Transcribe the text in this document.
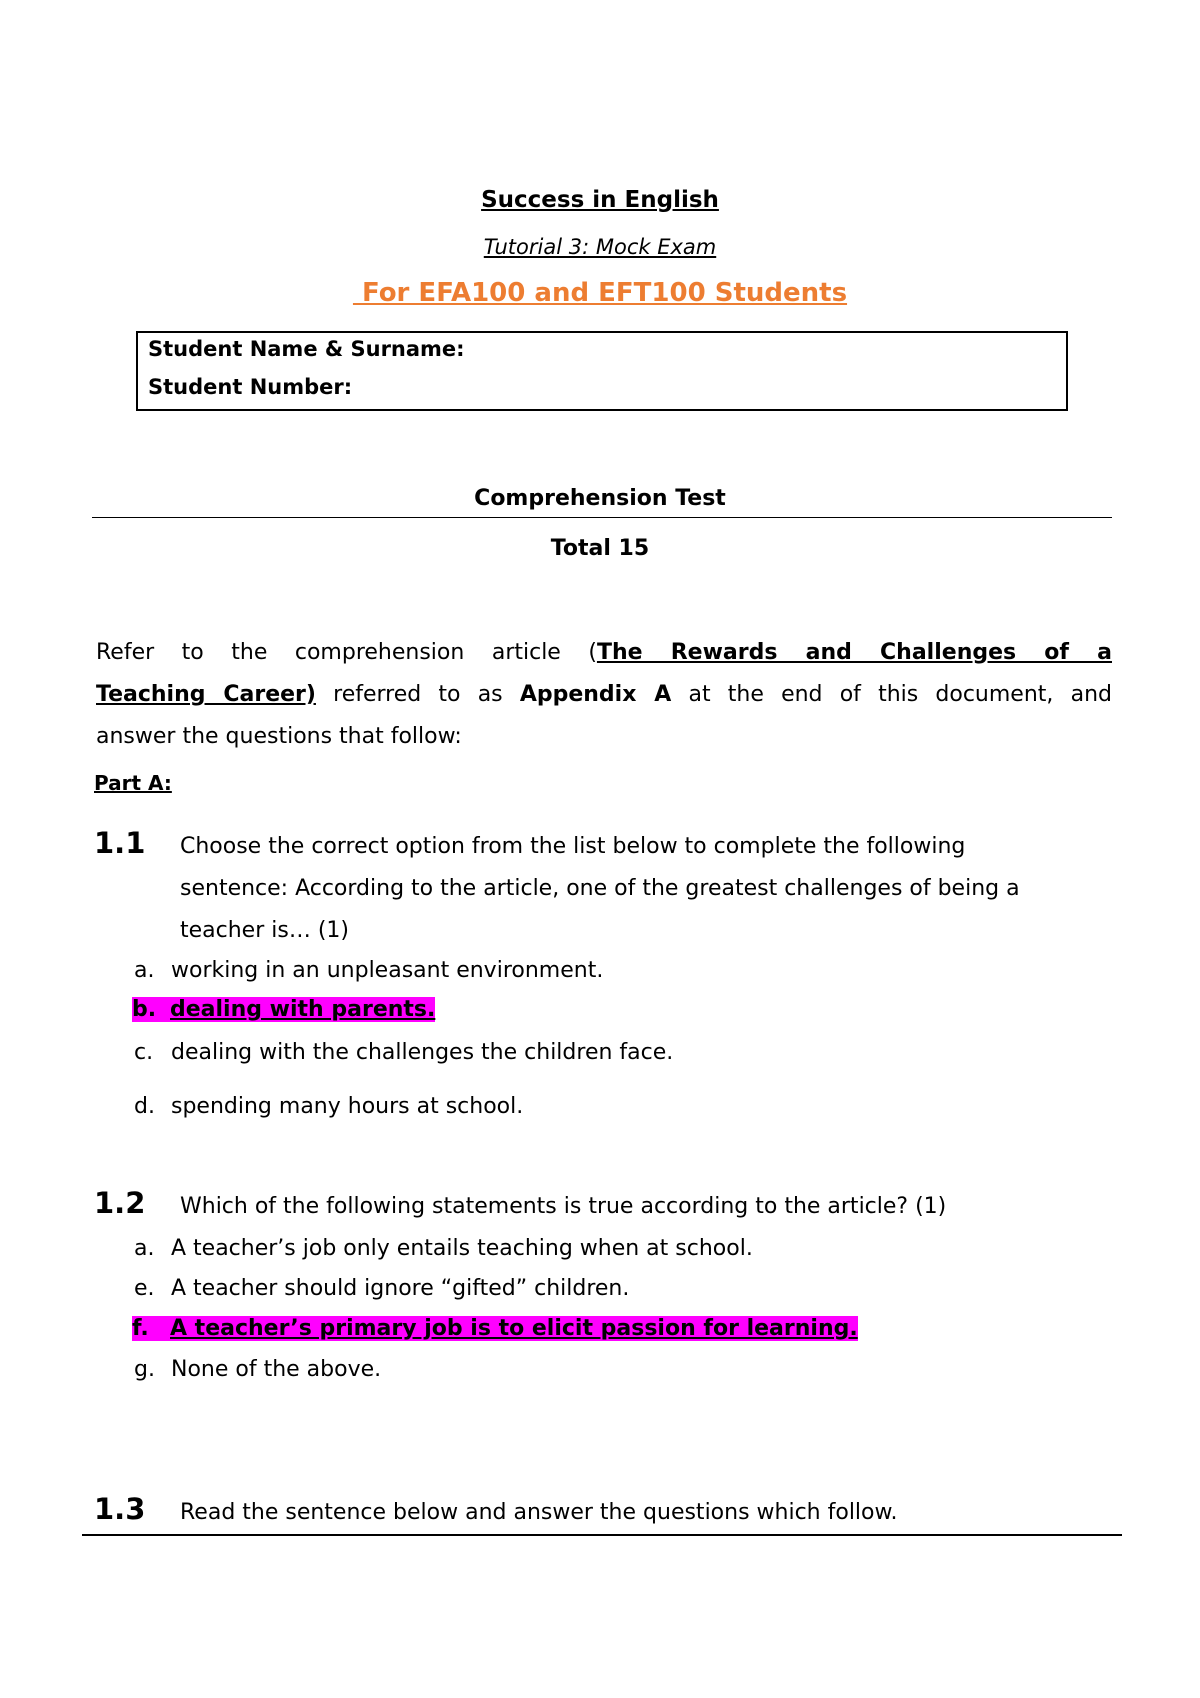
Success in English
Tutorial 3: Mock Exam
For EFA100 and EFT100 Students
Student Name & Surname:
Student Number:
Comprehension Test
Total 15
Refer to the comprehension article (The Rewards and Challenges of a
Teaching Career) referred to as Appendix A at the end of this document, and
answer the questions that follow:
Part A:
1.1 Choose the correct option from the list below to complete the following
sentence: According to the article, one of the greatest challenges of being a
teacher is… (1)
a. working in an unpleasant environment.
b. dealing with parents.
c. dealing with the challenges the children face.
d. spending many hours at school.
1.2 Which of the following statements is true according to the article? (1)
a. A teacher’s job only entails teaching when at school.
e. A teacher should ignore “gifted” children.
f. A teacher’s primary job is to elicit passion for learning.
g. None of the above.
1.3 Read the sentence below and answer the questions which follow.
